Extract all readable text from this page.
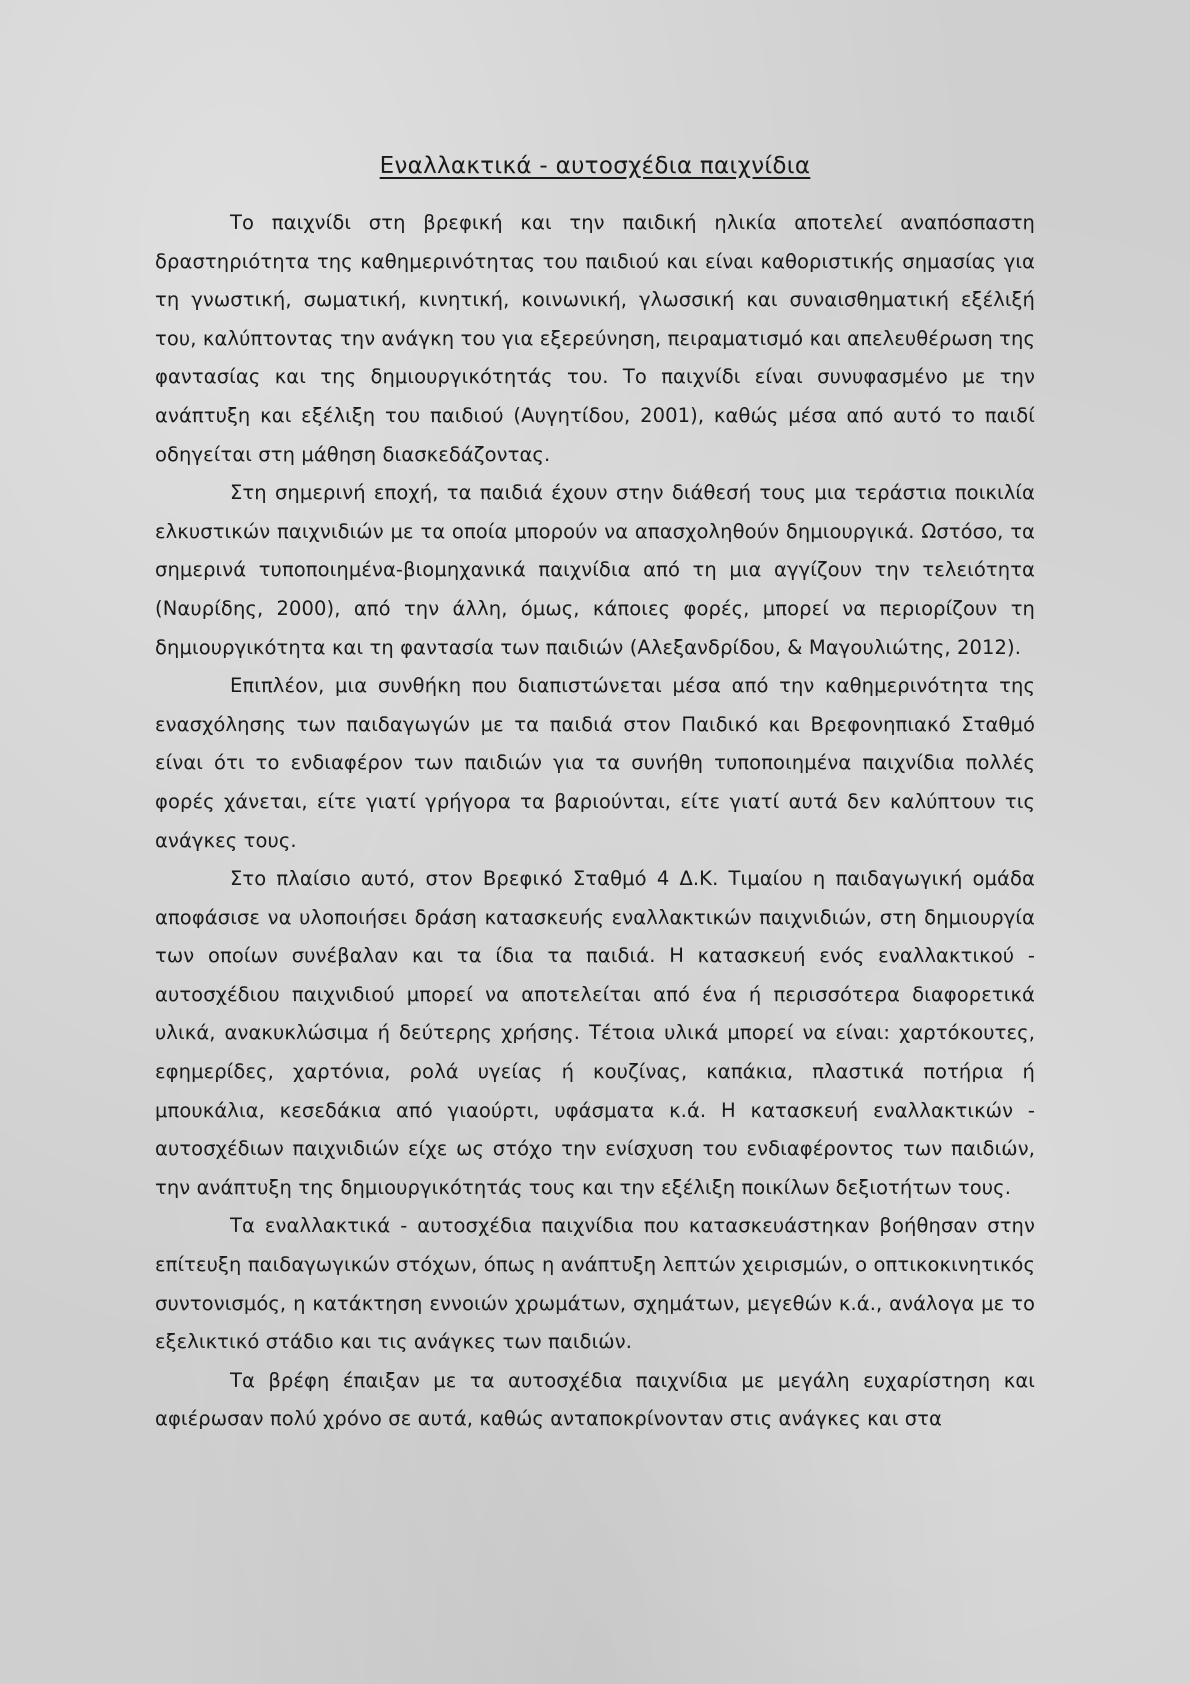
Εναλλακτικά - αυτοσχέδια παιχνίδια

Το παιχνίδι στη βρεφική και την παιδική ηλικία αποτελεί αναπόσπαστη δραστηριότητα της καθημερινότητας του παιδιού και είναι καθοριστικής σημασίας για τη γνωστική, σωματική, κινητική, κοινωνική, γλωσσική και συναισθηματική εξέλιξή του, καλύπτοντας την ανάγκη του για εξερεύνηση, πειραματισμό και απελευθέρωση της φαντασίας και της δημιουργικότητάς του. Το παιχνίδι είναι συνυφασμένο με την ανάπτυξη και εξέλιξη του παιδιού (Αυγητίδου, 2001), καθώς μέσα από αυτό το παιδί οδηγείται στη μάθηση διασκεδάζοντας.

Στη σημερινή εποχή, τα παιδιά έχουν στην διάθεσή τους μια τεράστια ποικιλία ελκυστικών παιχνιδιών με τα οποία μπορούν να απασχοληθούν δημιουργικά. Ωστόσο, τα σημερινά τυποποιημένα-βιομηχανικά παιχνίδια από τη μια αγγίζουν την τελειότητα (Ναυρίδης, 2000), από την άλλη, όμως, κάποιες φορές, μπορεί να περιορίζουν τη δημιουργικότητα και τη φαντασία των παιδιών (Αλεξανδρίδου, & Μαγουλιώτης, 2012).

Επιπλέον, μια συνθήκη που διαπιστώνεται μέσα από την καθημερινότητα της ενασχόλησης των παιδαγωγών με τα παιδιά στον Παιδικό και Βρεφονηπιακό Σταθμό είναι ότι το ενδιαφέρον των παιδιών για τα συνήθη τυποποιημένα παιχνίδια πολλές φορές χάνεται, είτε γιατί γρήγορα τα βαριούνται, είτε γιατί αυτά δεν καλύπτουν τις ανάγκες τους.

Στο πλαίσιο αυτό, στον Βρεφικό Σταθμό 4 Δ.Κ. Τιμαίου η παιδαγωγική ομάδα αποφάσισε να υλοποιήσει δράση κατασκευής εναλλακτικών παιχνιδιών, στη δημιουργία των οποίων συνέβαλαν και τα ίδια τα παιδιά. Η κατασκευή ενός εναλλακτικού - αυτοσχέδιου παιχνιδιού μπορεί να αποτελείται από ένα ή περισσότερα διαφορετικά υλικά, ανακυκλώσιμα ή δεύτερης χρήσης. Τέτοια υλικά μπορεί να είναι: χαρτόκουτες, εφημερίδες, χαρτόνια, ρολά υγείας ή κουζίνας, καπάκια, πλαστικά ποτήρια ή μπουκάλια, κεσεδάκια από γιαούρτι, υφάσματα κ.ά. Η κατασκευή εναλλακτικών - αυτοσχέδιων παιχνιδιών είχε ως στόχο την ενίσχυση του ενδιαφέροντος των παιδιών, την ανάπτυξη της δημιουργικότητάς τους και την εξέλιξη ποικίλων δεξιοτήτων τους.

Τα εναλλακτικά - αυτοσχέδια παιχνίδια που κατασκευάστηκαν βοήθησαν στην επίτευξη παιδαγωγικών στόχων, όπως η ανάπτυξη λεπτών χειρισμών, ο οπτικοκινητικός συντονισμός, η κατάκτηση εννοιών χρωμάτων, σχημάτων, μεγεθών κ.ά., ανάλογα με το εξελικτικό στάδιο και τις ανάγκες των παιδιών.

Τα βρέφη έπαιξαν με τα αυτοσχέδια παιχνίδια με μεγάλη ευχαρίστηση και αφιέρωσαν πολύ χρόνο σε αυτά, καθώς ανταποκρίνονταν στις ανάγκες και στα
